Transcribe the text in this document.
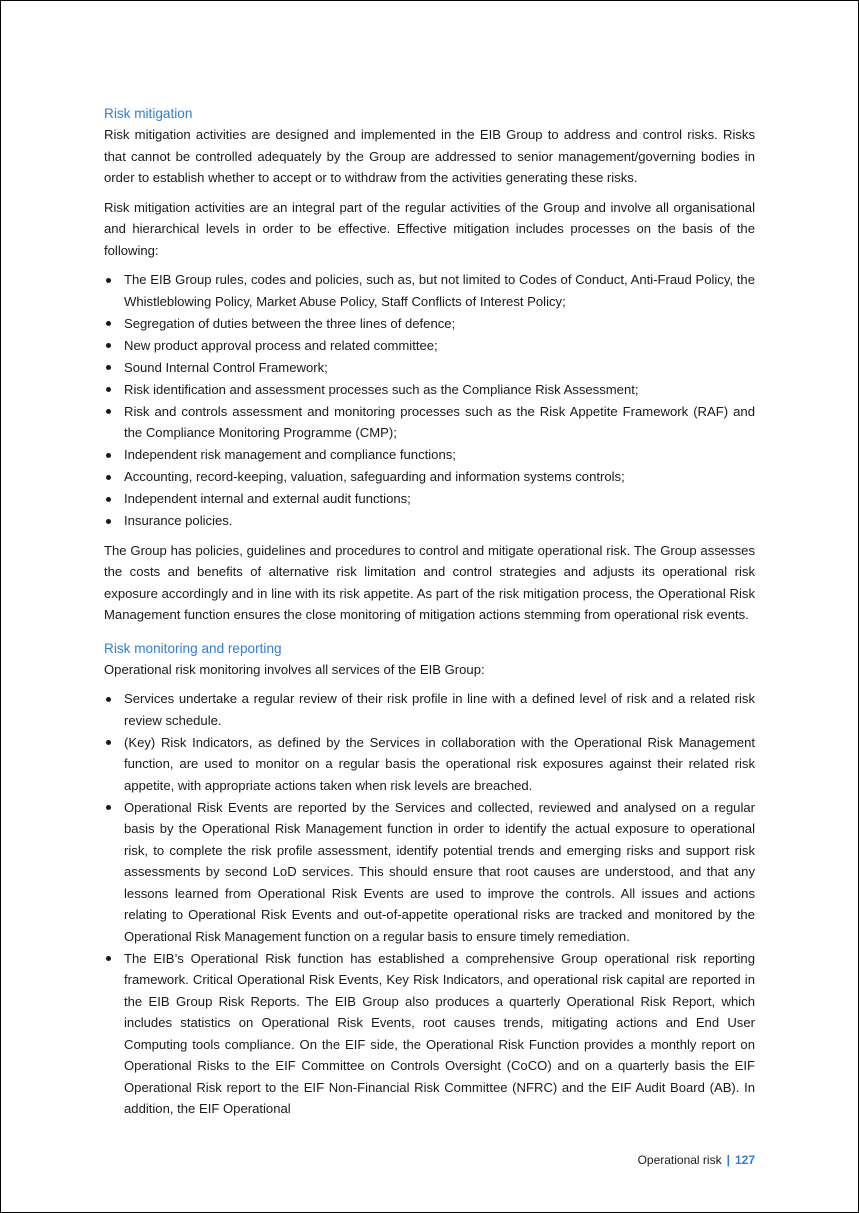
Risk mitigation

Risk mitigation activities are designed and implemented in the EIB Group to address and control risks. Risks that cannot be controlled adequately by the Group are addressed to senior management/governing bodies in order to establish whether to accept or to withdraw from the activities generating these risks.

Risk mitigation activities are an integral part of the regular activities of the Group and involve all organisational and hierarchical levels in order to be effective. Effective mitigation includes processes on the basis of the following:

The EIB Group rules, codes and policies, such as, but not limited to Codes of Conduct, Anti-Fraud Policy, the Whistleblowing Policy, Market Abuse Policy, Staff Conflicts of Interest Policy;
Segregation of duties between the three lines of defence;
New product approval process and related committee;
Sound Internal Control Framework;
Risk identification and assessment processes such as the Compliance Risk Assessment;
Risk and controls assessment and monitoring processes such as the Risk Appetite Framework (RAF) and the Compliance Monitoring Programme (CMP);
Independent risk management and compliance functions;
Accounting, record-keeping, valuation, safeguarding and information systems controls;
Independent internal and external audit functions;
Insurance policies.

The Group has policies, guidelines and procedures to control and mitigate operational risk. The Group assesses the costs and benefits of alternative risk limitation and control strategies and adjusts its operational risk exposure accordingly and in line with its risk appetite. As part of the risk mitigation process, the Operational Risk Management function ensures the close monitoring of mitigation actions stemming from operational risk events.

Risk monitoring and reporting

Operational risk monitoring involves all services of the EIB Group:

Services undertake a regular review of their risk profile in line with a defined level of risk and a related risk review schedule.
(Key) Risk Indicators, as defined by the Services in collaboration with the Operational Risk Management function, are used to monitor on a regular basis the operational risk exposures against their related risk appetite, with appropriate actions taken when risk levels are breached.
Operational Risk Events are reported by the Services and collected, reviewed and analysed on a regular basis by the Operational Risk Management function in order to identify the actual exposure to operational risk, to complete the risk profile assessment, identify potential trends and emerging risks and support risk assessments by second LoD services. This should ensure that root causes are understood, and that any lessons learned from Operational Risk Events are used to improve the controls. All issues and actions relating to Operational Risk Events and out-of-appetite operational risks are tracked and monitored by the Operational Risk Management function on a regular basis to ensure timely remediation.
The EIB’s Operational Risk function has established a comprehensive Group operational risk reporting framework. Critical Operational Risk Events, Key Risk Indicators, and operational risk capital are reported in the EIB Group Risk Reports. The EIB Group also produces a quarterly Operational Risk Report, which includes statistics on Operational Risk Events, root causes trends, mitigating actions and End User Computing tools compliance. On the EIF side, the Operational Risk Function provides a monthly report on Operational Risks to the EIF Committee on Controls Oversight (CoCO) and on a quarterly basis the EIF Operational Risk report to the EIF Non-Financial Risk Committee (NFRC) and the EIF Audit Board (AB). In addition, the EIF Operational
Operational risk | 127
